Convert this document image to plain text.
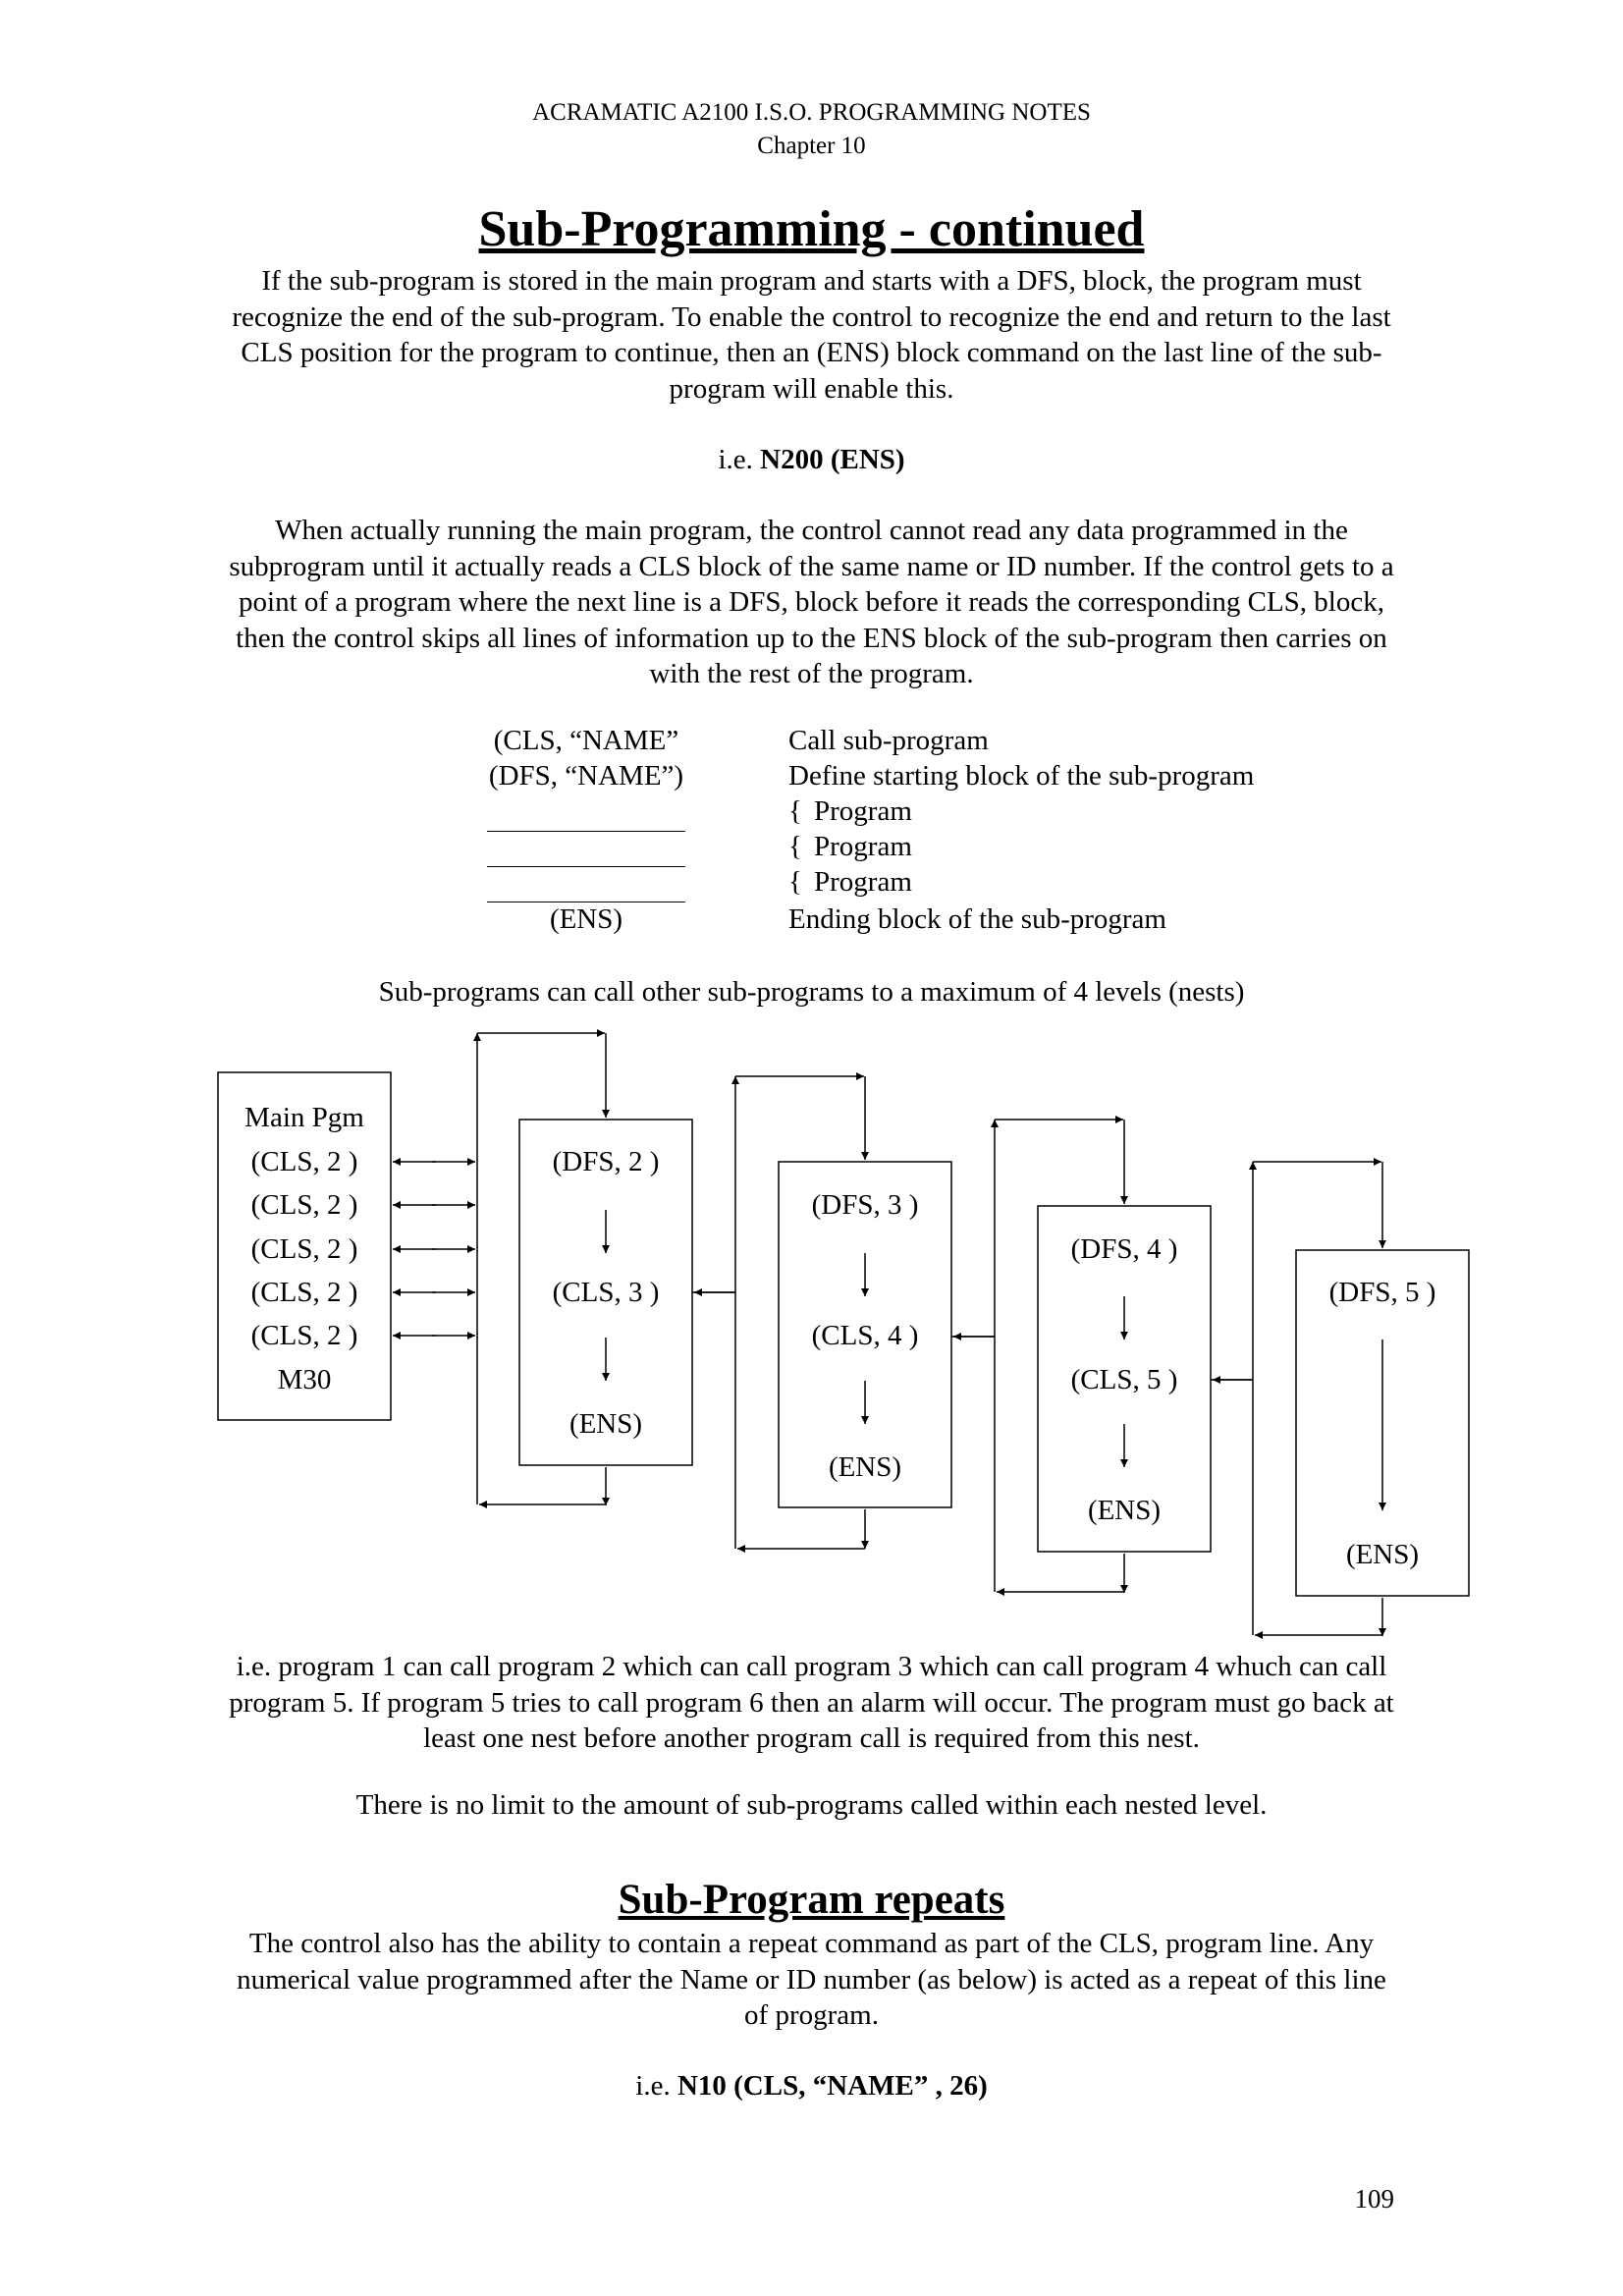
ACRAMATIC A2100 I.S.O. PROGRAMMING NOTES
Chapter 10
Sub-Programming - continued

If the sub-program is stored in the main program and starts with a DFS, block, the program must recognize the end of the sub-program. To enable the control to recognize the end and return to the last CLS position for the program to continue, then an (ENS) block command on the last line of the sub-program will enable this.

i.e. N200 (ENS)

When actually running the main program, the control cannot read any data programmed in the subprogram until it actually reads a CLS block of the same name or ID number. If the control gets to a point of a program where the next line is a DFS, block before it reads the corresponding CLS, block, then the control skips all lines of information up to the ENS block of the sub-program then carries on with the rest of the program.

(CLS, “NAME”	Call sub-program
(DFS, “NAME”)	Define starting block of the sub-program
{ Program
{ Program
{ Program
(ENS)	Ending block of the sub-program
Sub-programs can call other sub-programs to a maximum of 4 levels (nests)
Main Pgm
(CLS, 2 )
(CLS, 2 )
(CLS, 2 )
(CLS, 2 )
(CLS, 2 )
M30
(DFS, 2 )
(CLS, 3 )
(ENS)
(DFS, 3 )
(CLS, 4 )
(ENS)
(DFS, 4 )
(CLS, 5 )
(ENS)
(DFS, 5 )
(ENS)

i.e. program 1 can call program 2 which can call program 3 which can call program 4 whuch can call program 5. If program 5 tries to call program 6 then an alarm will occur. The program must go back at least one nest before another program call is required from this nest.

There is no limit to the amount of sub-programs called within each nested level.
Sub-Program repeats

The control also has the ability to contain a repeat command as part of the CLS, program line. Any numerical value programmed after the Name or ID number (as below) is acted as a repeat of this line of program.

i.e. N10 (CLS, “NAME” , 26)
109
